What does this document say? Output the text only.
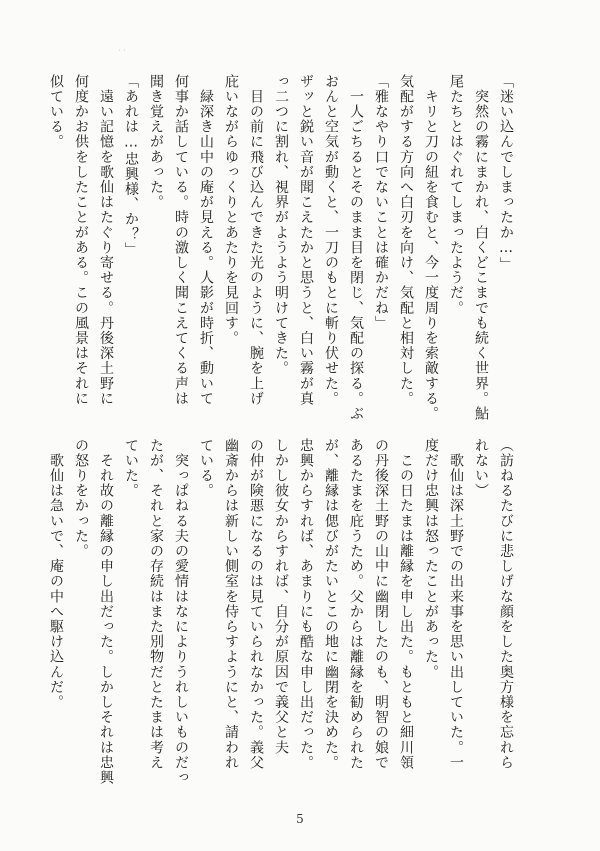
· ·
「迷い込んでしまったか…」
　突然の霧にまかれ、白くどこまでも続く世界。鮎
尾たちとはぐれてしまったようだ。
　キリと刀の紐を食むと、今一度周りを索敵する。
気配がする方向へ白刃を向け、気配と相対した。
「雅なやり口でないことは確かだね」
　一人ごちるとそのまま目を閉じ、気配の探る。ぶ
おんと空気が動くと、一刀のもとに斬り伏せた。
ザッと鋭い音が聞こえたかと思うと、白い霧が真
っ二つに割れ、視界がようよう明けてきた。
　目の前に飛び込んできた光のように、腕を上げ
庇いながらゆっくりとあたりを見回す。
　緑深き山中の庵が見える。人影が時折、動いて
何事か話している。時の激しく聞こえてくる声は
聞き覚えがあった。
「あれは…忠興様、か？」
　遠い記憶を歌仙はたぐり寄せる。丹後深土野に
何度かお供をしたことがある。この風景はそれに
似ている。
（訪ねるたびに悲しげな顔をした奥方様を忘れら
れない）
　歌仙は深土野での出来事を思い出していた。一
度だけ忠興は怒ったことがあった。
　この日たまは離縁を申し出た。もともと細川領
の丹後深土野の山中に幽閉したのも、明智の娘で
あるたまを庇うため。父からは離縁を勧められた
が、離縁は偲びがたいとこの地に幽閉を決めた。
忠興からすれば、あまりにも酷な申し出だった。
しかし彼女からすれば、自分が原因で義父と夫
の仲が険悪になるのは見ていられなかった。義父
幽斎からは新しい側室を侍らすようにと、請われ
ている。
　突っぱねる夫の愛情はなによりうれしいものだっ
たが、それと家の存続はまた別物だとたまは考え
ていた。
　それ故の離縁の申し出だった。しかしそれは忠興
の怒りをかった。
　歌仙は急いで、庵の中へ駆け込んだ。
5
